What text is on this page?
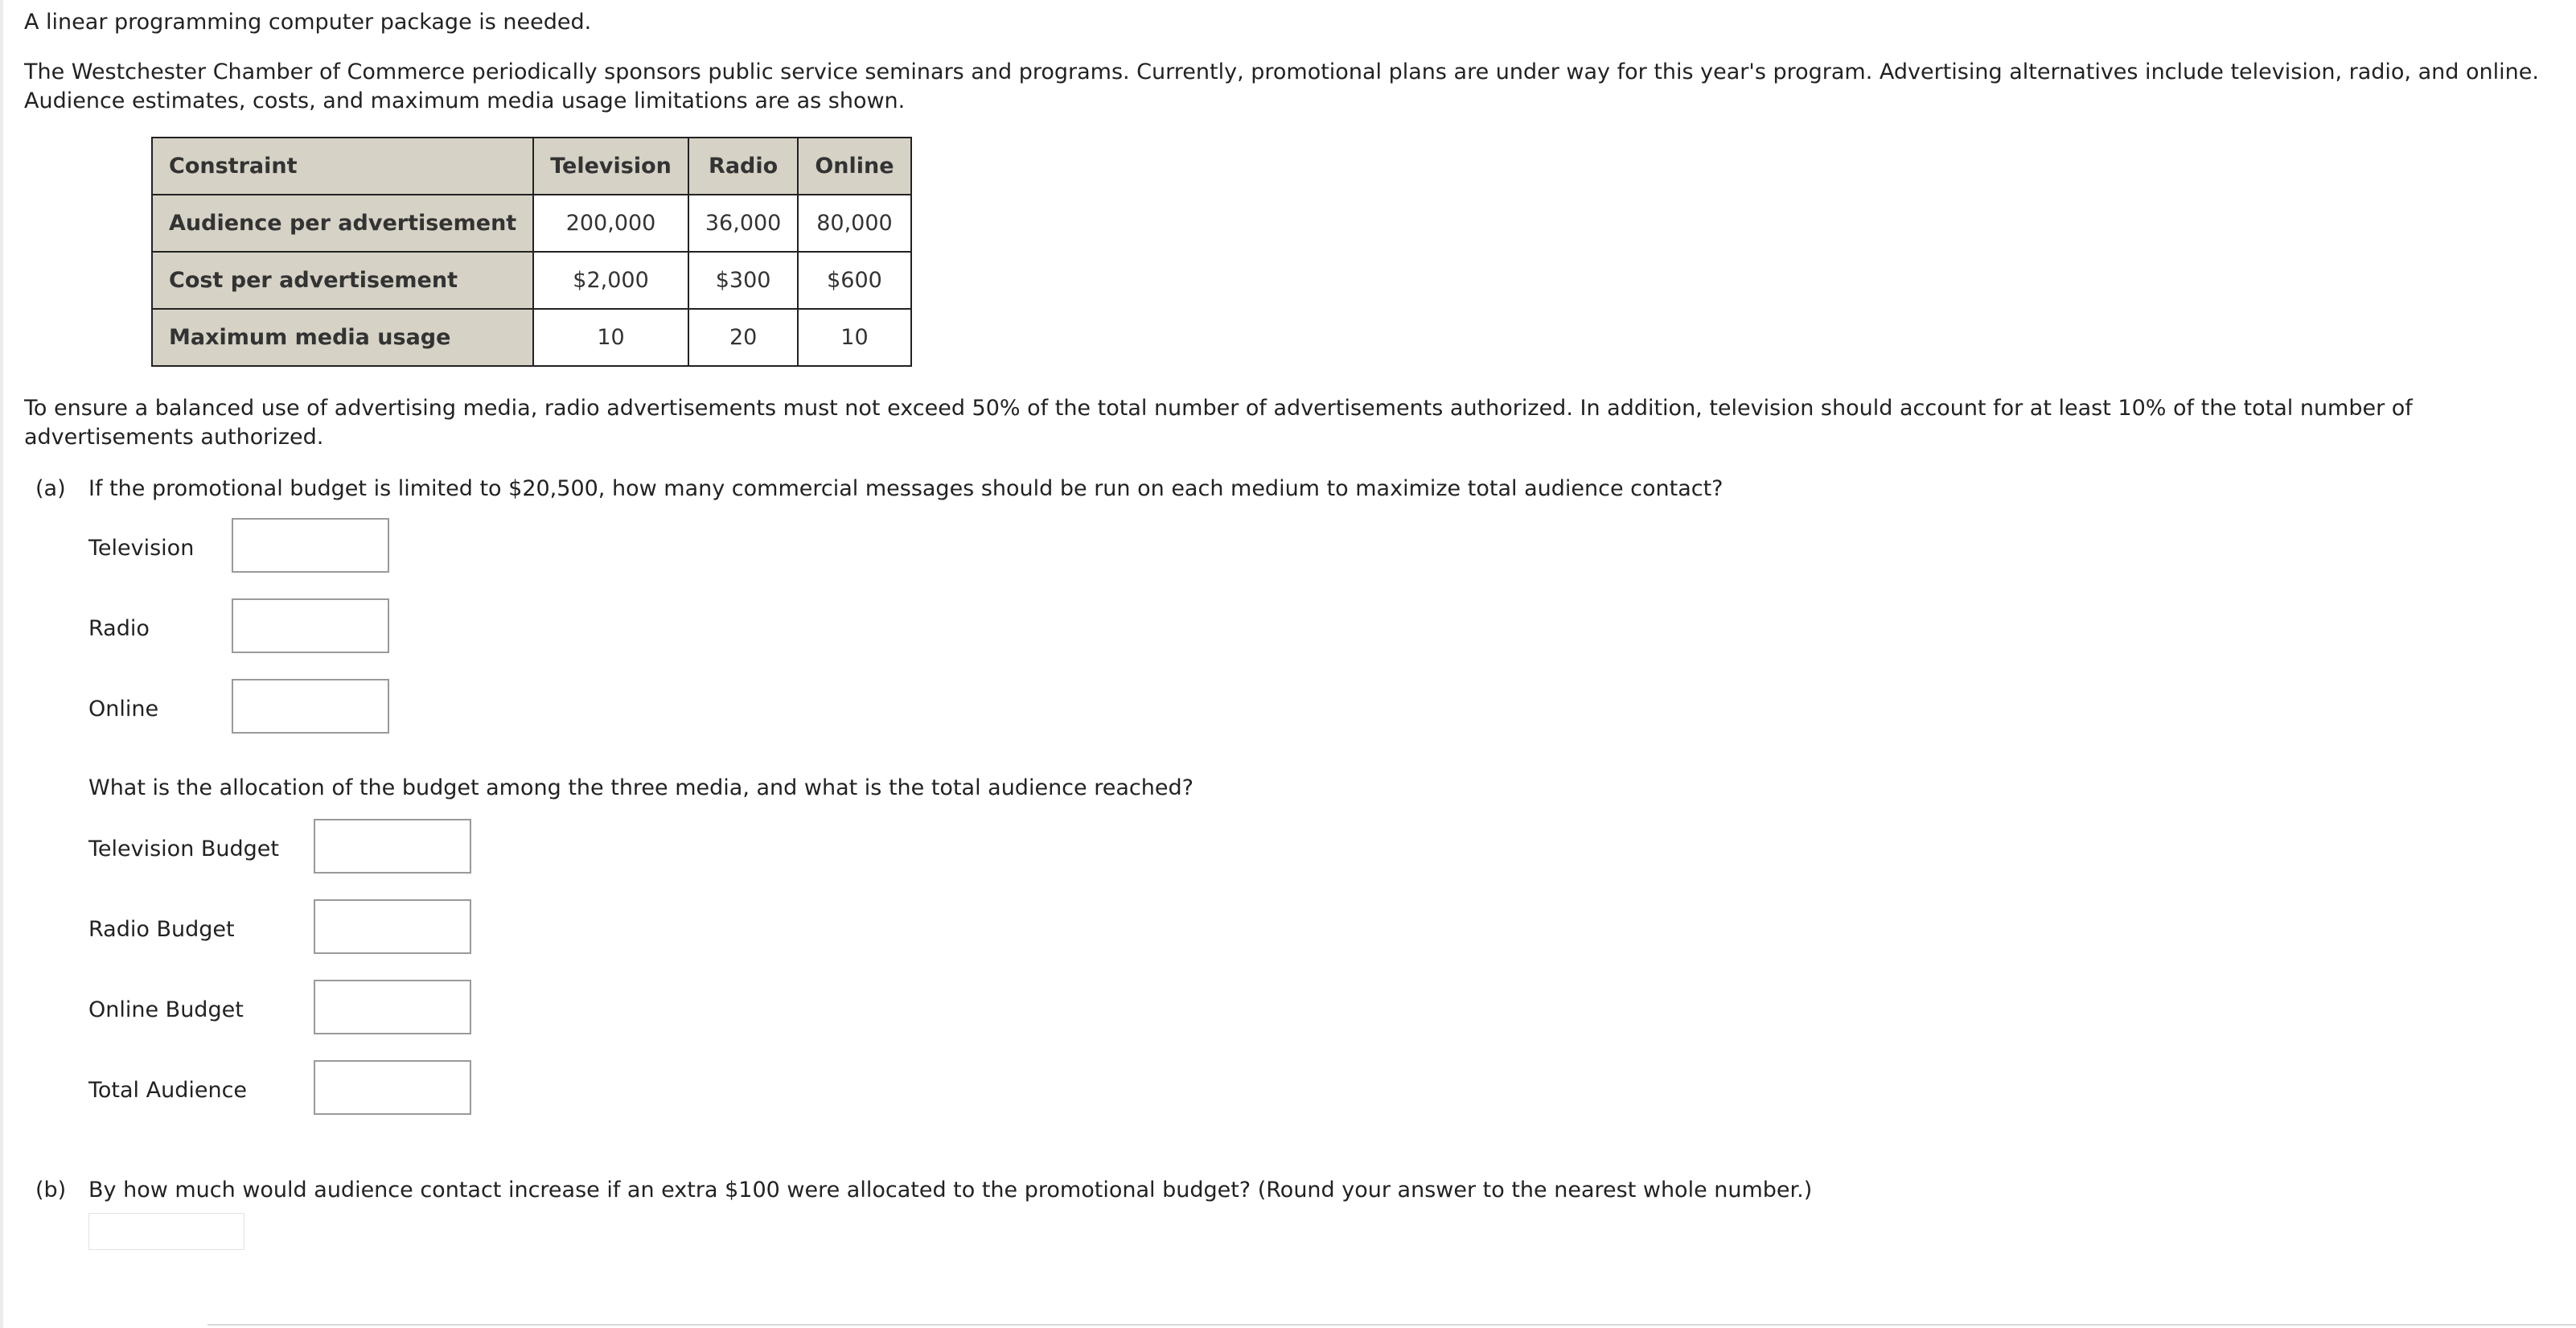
A linear programming computer package is needed.

The Westchester Chamber of Commerce periodically sponsors public service seminars and programs. Currently, promotional plans are under way for this year's program. Advertising alternatives include television, radio, and online. Audience estimates, costs, and maximum media usage limitations are as shown.

Constraint	Television	Radio	Online
Audience per advertisement	200,000	36,000	80,000
Cost per advertisement	$2,000	$300	$600
Maximum media usage	10	20	10

To ensure a balanced use of advertising media, radio advertisements must not exceed 50% of the total number of advertisements authorized. In addition, television should account for at least 10% of the total number of advertisements authorized.

(a) If the promotional budget is limited to $20,500, how many commercial messages should be run on each medium to maximize total audience contact?
Television
Radio
Online
What is the allocation of the budget among the three media, and what is the total audience reached?
Television Budget
Radio Budget
Online Budget
Total Audience
(b) By how much would audience contact increase if an extra $100 were allocated to the promotional budget? (Round your answer to the nearest whole number.)
